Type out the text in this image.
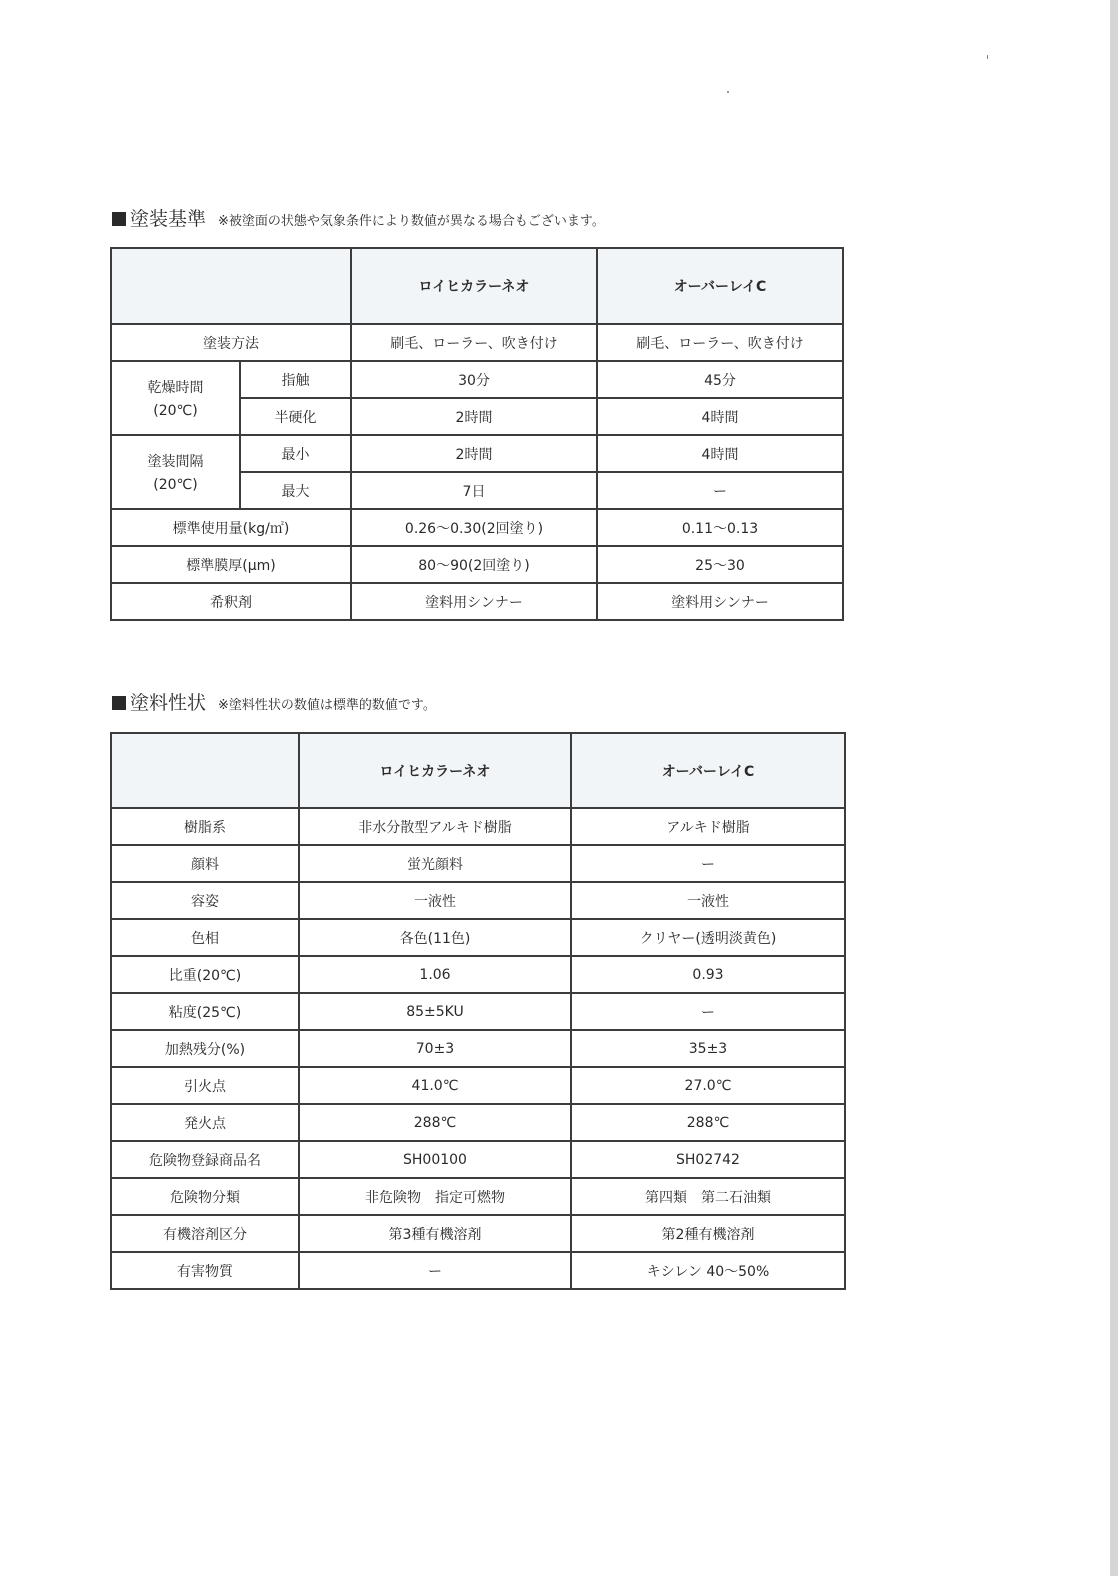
塗装基準 ※被塗面の状態や気象条件により数値が異なる場合もございます。
		ロイヒカラーネオ	オーバーレイC
塗装方法		刷毛、ローラー、吹き付け	刷毛、ローラー、吹き付け

乾燥時間
(20℃)	指触	30分	45分
	半硬化	2時間	4時間

塗装間隔
(20℃)	最小	2時間	4時間
	最大	7日	ー
標準使用量(kg/㎡)		0.26〜0.30(2回塗り)	0.11〜0.13
標準膜厚(μm)		80〜90(2回塗り)	25〜30
希釈剤		塗料用シンナー	塗料用シンナー
塗料性状 ※塗料性状の数値は標準的数値です。
	ロイヒカラーネオ	オーバーレイC
樹脂系	非水分散型アルキド樹脂	アルキド樹脂
顔料	蛍光顔料	ー
容姿	一液性	一液性
色相	各色(11色)	クリヤー(透明淡黄色)
比重(20℃)	1.06	0.93
粘度(25℃)	85±5KU	ー
加熱残分(%)	70±3	35±3
引火点	41.0℃	27.0℃
発火点	288℃	288℃
危険物登録商品名	SH00100	SH02742
危険物分類	非危険物　指定可燃物	第四類　第二石油類
有機溶剤区分	第3種有機溶剤	第2種有機溶剤
有害物質	ー	キシレン 40〜50%
